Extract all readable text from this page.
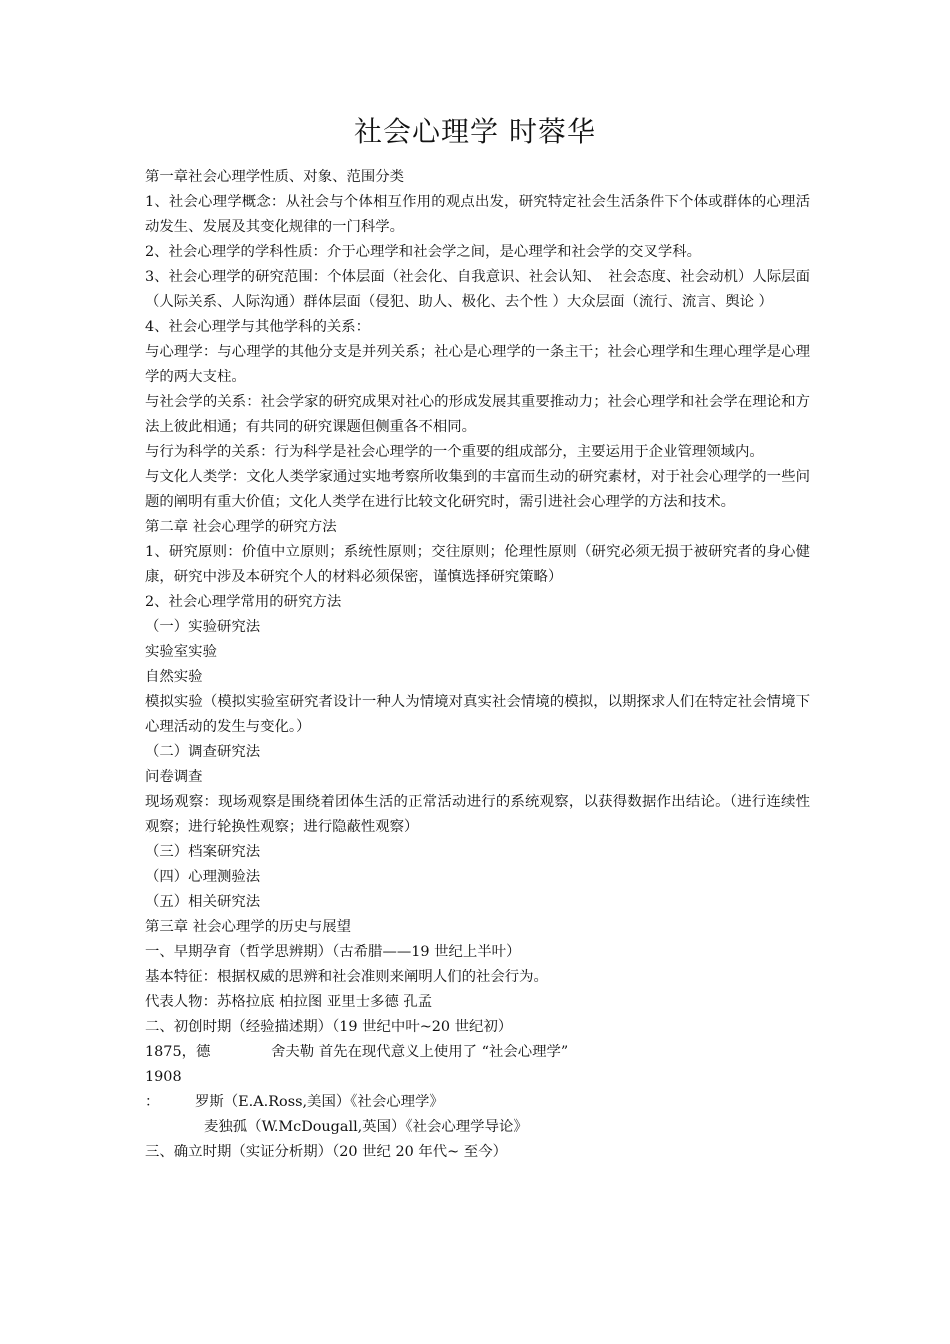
社会心理学 时蓉华

第一章社会心理学性质、对象、范围分类

1、社会心理学概念：从社会与个体相互作用的观点出发，研究特定社会生活条件下个体或群体的心理活动发生、发展及其变化规律的一门科学。

2、社会心理学的学科性质：介于心理学和社会学之间，是心理学和社会学的交叉学科。

3、社会心理学的研究范围：个体层面（社会化、自我意识、社会认知、　社会态度、社会动机）人际层面（人际关系、人际沟通）群体层面（侵犯、助人、极化、去个性 ）大众层面（流行、流言、舆论 ）

4、社会心理学与其他学科的关系：

与心理学：与心理学的其他分支是并列关系；社心是心理学的一条主干；社会心理学和生理心理学是心理学的两大支柱。

与社会学的关系：社会学家的研究成果对社心的形成发展其重要推动力；社会心理学和社会学在理论和方法上彼此相通；有共同的研究课题但侧重各不相同。

与行为科学的关系：行为科学是社会心理学的一个重要的组成部分，主要运用于企业管理领域内。

与文化人类学：文化人类学家通过实地考察所收集到的丰富而生动的研究素材，对于社会心理学的一些问题的阐明有重大价值；文化人类学在进行比较文化研究时，需引进社会心理学的方法和技术。

第二章 社会心理学的研究方法

1、研究原则：价值中立原则；系统性原则；交往原则；伦理性原则（研究必须无损于被研究者的身心健康，研究中涉及本研究个人的材料必须保密，谨慎选择研究策略）

2、社会心理学常用的研究方法

（一）实验研究法

实验室实验

自然实验

模拟实验（模拟实验室研究者设计一种人为情境对真实社会情境的模拟，以期探求人们在特定社会情境下心理活动的发生与变化。）

（二）调查研究法

问卷调查

现场观察：现场观察是围绕着团体生活的正常活动进行的系统观察，以获得数据作出结论。（进行连续性观察；进行轮换性观察；进行隐蔽性观察）

（三）档案研究法

（四）心理测验法

（五）相关研究法

第三章 社会心理学的历史与展望

一、早期孕育（哲学思辨期）（古希腊——19 世纪上半叶）

基本特征：根据权威的思辨和社会准则来阐明人们的社会行为。

代表人物：苏格拉底 柏拉图 亚里士多德 孔孟

二、初创时期（经验描述期）（19 世纪中叶~20 世纪初）

1875，德	舍夫勒 首先在现代意义上使用了 “社会心理学”

1908 ： 罗斯（E.A.Ross,美国）《社会心理学》

麦独孤（W.McDougall,英国）《社会心理学导论》

三、确立时期（实证分析期）（20 世纪 20 年代~ 至今）
